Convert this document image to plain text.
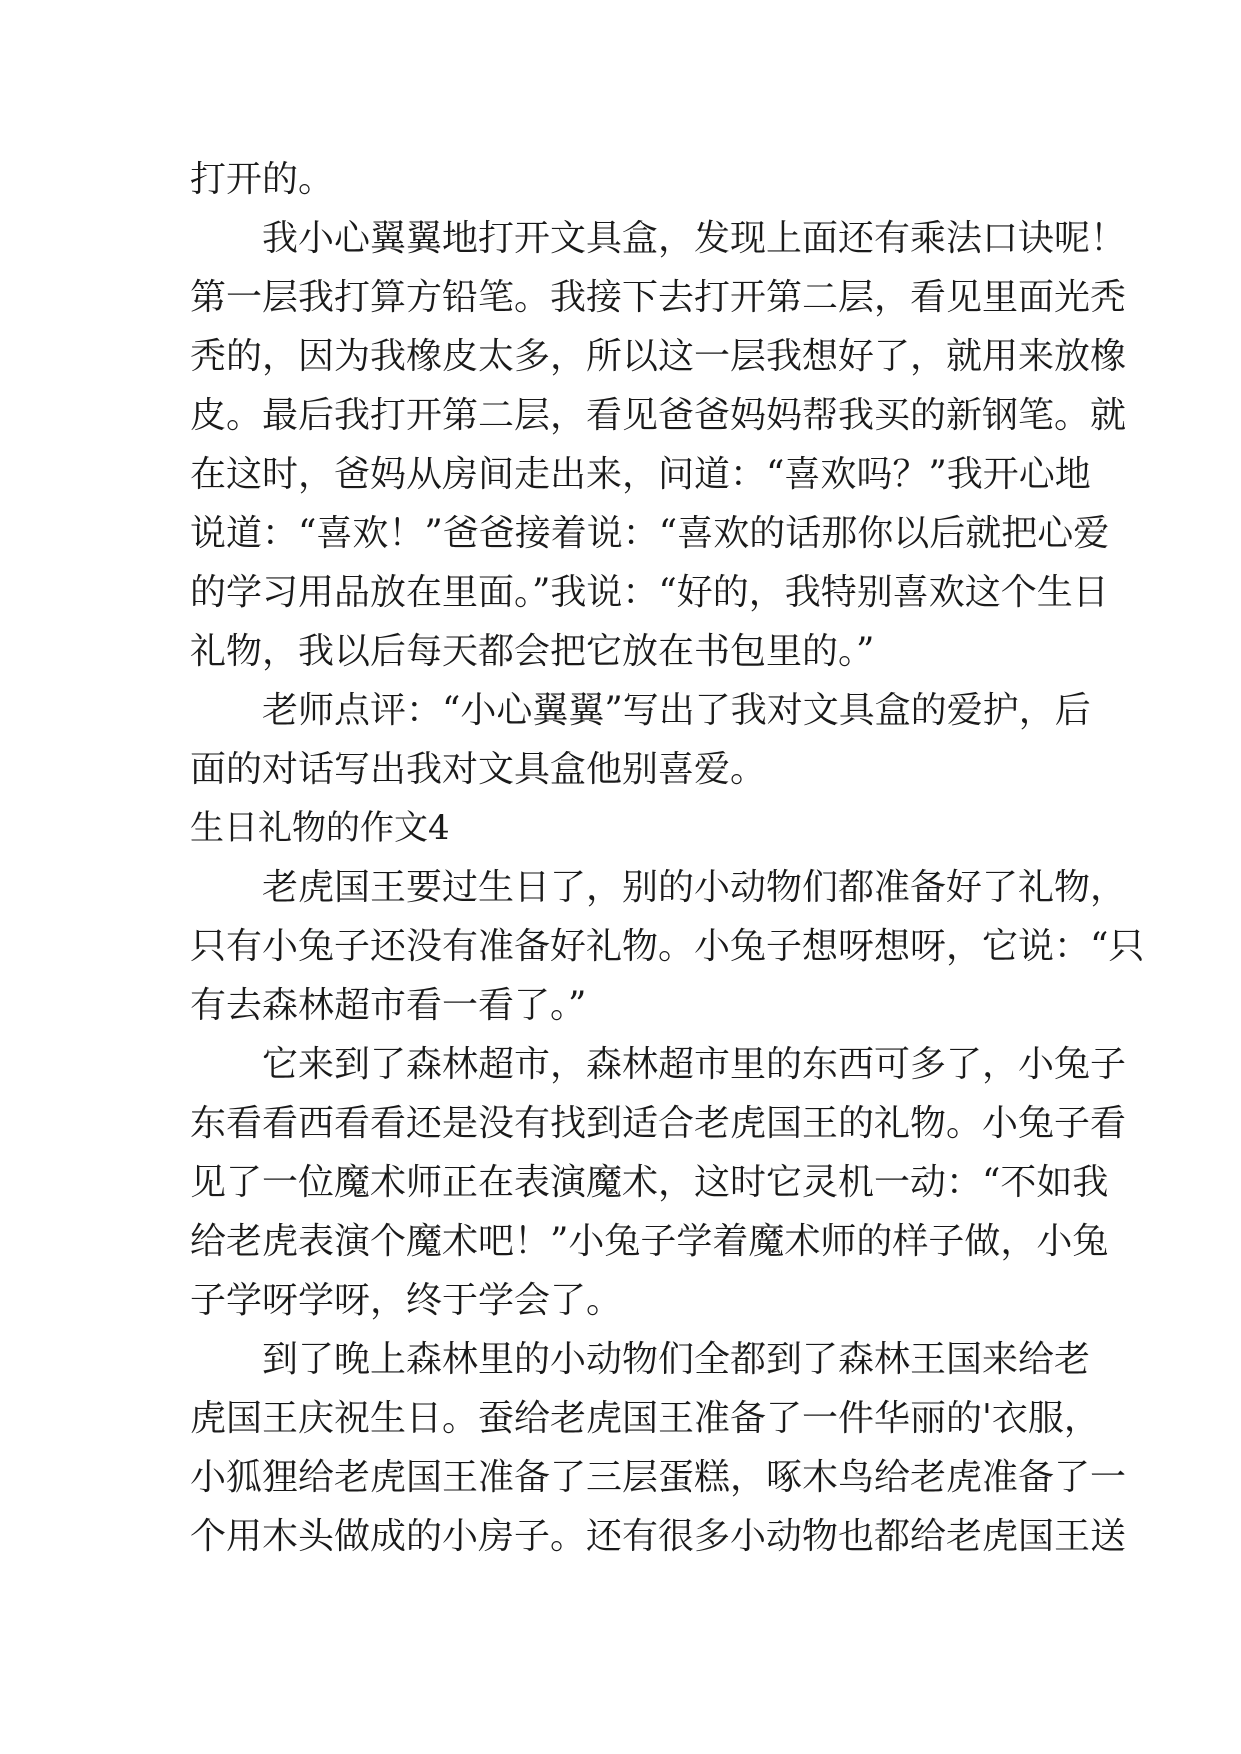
打开的。
我小心翼翼地打开文具盒，发现上面还有乘法口诀呢！
第一层我打算方铅笔。我接下去打开第二层，看见里面光秃
秃的，因为我橡皮太多，所以这一层我想好了，就用来放橡
皮。最后我打开第二层，看见爸爸妈妈帮我买的新钢笔。就
在这时，爸妈从房间走出来，问道：“喜欢吗？”我开心地
说道：“喜欢！”爸爸接着说：“喜欢的话那你以后就把心爱
的学习用品放在里面。”我说：“好的，我特别喜欢这个生日
礼物，我以后每天都会把它放在书包里的。”
老师点评：“小心翼翼”写出了我对文具盒的爱护，后
面的对话写出我对文具盒他别喜爱。
生日礼物的作文4
老虎国王要过生日了，别的小动物们都准备好了礼物，
只有小兔子还没有准备好礼物。小兔子想呀想呀，它说：“只
有去森林超市看一看了。”
它来到了森林超市，森林超市里的东西可多了，小兔子
东看看西看看还是没有找到适合老虎国王的礼物。小兔子看
见了一位魔术师正在表演魔术，这时它灵机一动：“不如我
给老虎表演个魔术吧！”小兔子学着魔术师的样子做，小兔
子学呀学呀，终于学会了。
到了晚上森林里的小动物们全都到了森林王国来给老
虎国王庆祝生日。蚕给老虎国王准备了一件华丽的'衣服，
小狐狸给老虎国王准备了三层蛋糕，啄木鸟给老虎准备了一
个用木头做成的小房子。还有很多小动物也都给老虎国王送
